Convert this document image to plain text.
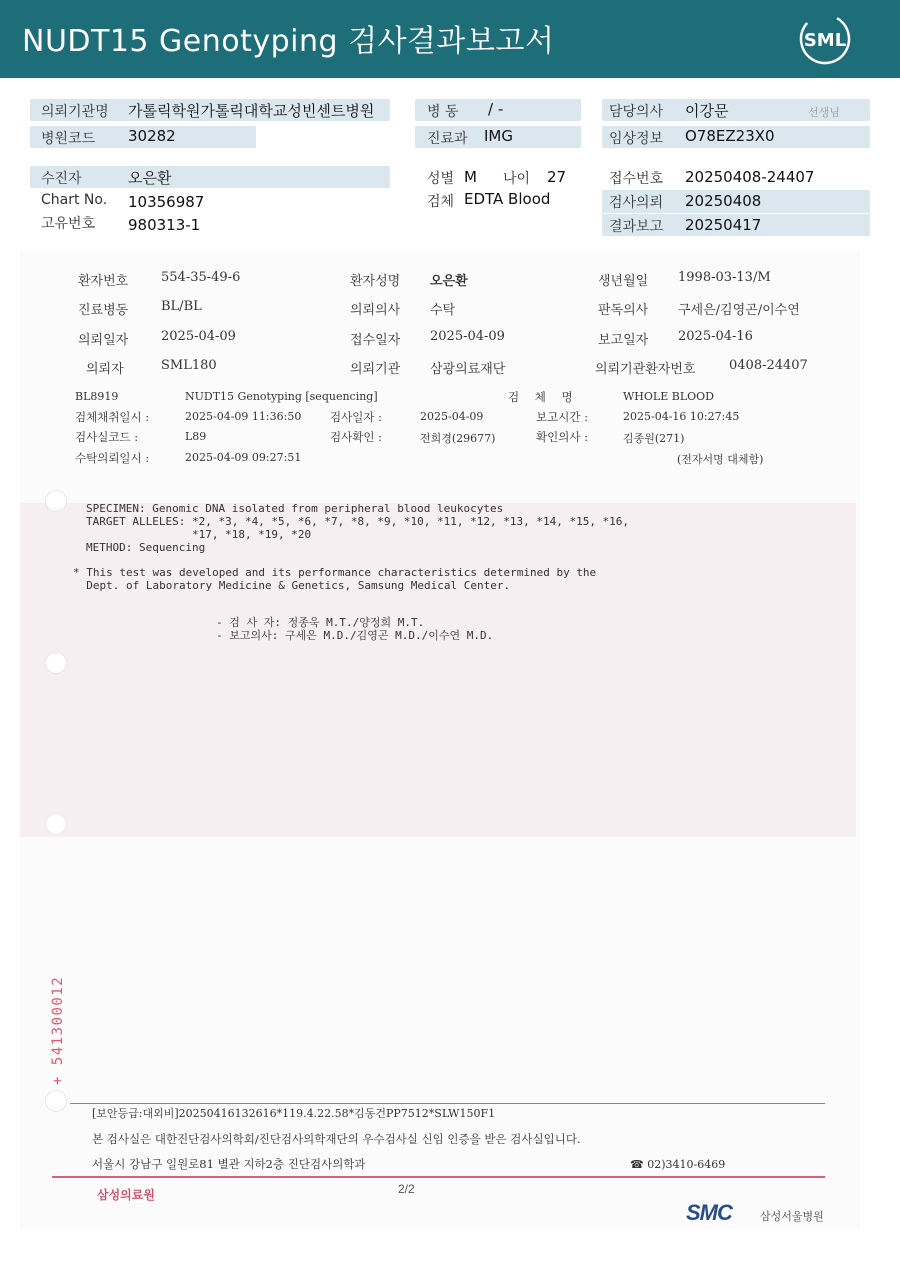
NUDT15 Genotyping 검사결과보고서	SML
의뢰기관명 가톨릭학원가톨릭대학교성빈센트병원
병원코드 30282
병 동 / -
진료과 IMG
담당의사 이강문	선생님
임상정보 O78EZ23X0
수진자	오은환
Chart No. 10356987
고유번호 980313-1
성별 M 나이 27
검체 EDTA Blood
접수번호 20250408-24407
검사의뢰 20250408
결과보고 20250417
환자번호	554-35-49-6	환자성명 오은환	생년월일 1998-03-13/M
진료병동	BL/BL	의뢰의사 수탁	판독의사 구세은/김영곤/이수연
의뢰일자	2025-04-09	접수일자 2025-04-09	보고일자 2025-04-16
의뢰자	SML180	의뢰기관 삼광의료재단	의뢰기관환자번호	0408-24407
BL8919	NUDT15 Genotyping [sequencing]	검 체 명	WHOLE BLOOD
검체채취일시 :	2025-04-09 11:36:50 검사일자 :	2025-04-09	보고시간 :	2025-04-16 10:27:45
검사실코드 :	L89	검사확인 :	전희경(29677)	확인의사 :	김종원(271)
수탁의뢰일시 :	2025-04-09 09:27:51	(전자서명 대체함)
SPECIMEN: Genomic DNA isolated from peripheral blood leukocytes
TARGET ALLELES: *2, *3, *4, *5, *6, *7, *8, *9, *10, *11, *12, *13, *14, *15, *16,
*17, *18, *19, *20
METHOD: Sequencing
* This test was developed and its performance characteristics determined by the
Dept. of Laboratory Medicine & Genetics, Samsung Medical Center.
- 검 사 자: 정종욱 M.T./양정희 M.T.
- 보고의사: 구세은 M.D./김영곤 M.D./이수연 M.D.
+ 541300012
[보안등급:대외비]20250416132616*119.4.22.58*김동건PP7512*SLW150F1
본 검사실은 대한진단검사의학회/진단검사의학재단의 우수검사실 신임 인증을 받은 검사실입니다.
서울시 강남구 일원로81 별관 지하2층 진단검사의학과	☎ 02)3410-6469
삼성의료원	2/2
SMC	삼성서울병원
